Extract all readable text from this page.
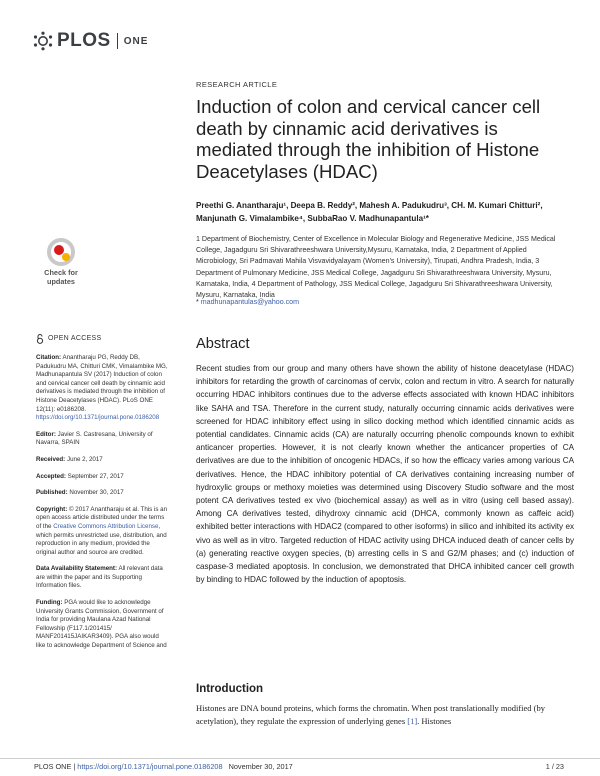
PLOS ONE
Check for
updates
RESEARCH ARTICLE
Induction of colon and cervical cancer cell death by cinnamic acid derivatives is mediated through the inhibition of Histone Deacetylases (HDAC)
Preethi G. Anantharaju¹, Deepa B. Reddy², Mahesh A. Padukudru³, CH. M. Kumari Chitturi², Manjunath G. Vimalambike⁴, SubbaRao V. Madhunapantula¹*
1 Department of Biochemistry, Center of Excellence in Molecular Biology and Regenerative Medicine, JSS Medical College, Jagadguru Sri Shivarathreeshwara University,Mysuru, Karnataka, India, 2 Department of Applied Microbiology, Sri Padmavati Mahila Visvavidyalayam (Women's University), Tirupati, Andhra Pradesh, India, 3 Department of Pulmonary Medicine, JSS Medical College, Jagadguru Sri Shivarathreeshwara University, Mysuru, Karnataka, India, 4 Department of Pathology, JSS Medical College, Jagadguru Sri Shivarathreeshwara University, Mysuru, Karnataka, India
* madhunapantulas@yahoo.com
OPEN ACCESS
Citation: Anantharaju PG, Reddy DB, Padukudru MA, Chitturi CMK, Vimalambike MG, Madhunapantula SV (2017) Induction of colon and cervical cancer cell death by cinnamic acid derivatives is mediated through the inhibition of Histone Deacetylases (HDAC). PLoS ONE 12(11): e0186208. https://doi.org/10.1371/journal.pone.0186208
Editor: Javier S. Castresana, University of Navarra, SPAIN
Received: June 2, 2017
Accepted: September 27, 2017
Published: November 30, 2017
Copyright: © 2017 Anantharaju et al. This is an open access article distributed under the terms of the Creative Commons Attribution License, which permits unrestricted use, distribution, and reproduction in any medium, provided the original author and source are credited.
Data Availability Statement: All relevant data are within the paper and its Supporting Information files.
Funding: PGA would like to acknowledge University Grants Commission, Government of India for providing Maulana Azad National Fellowship (F117.1/201415/ MANF201415JAIKAR3409). PGA also would like to acknowledge Department of Science and
Abstract
Recent studies from our group and many others have shown the ability of histone deacetylase (HDAC) inhibitors for retarding the growth of carcinomas of cervix, colon and rectum in vitro. A search for naturally occurring HDAC inhibitors continues due to the adverse effects associated with known HDAC inhibitors like SAHA and TSA. Therefore in the current study, naturally occurring cinnamic acids derivatives were screened for HDAC inhibitory effect using in silico docking method which identified cinnamic acids as potential candidates. Cinnamic acids (CA) are naturally occurring phenolic compounds known to exhibit anticancer properties. However, it is not clearly known whether the anticancer properties of CA derivatives are due to the inhibition of oncogenic HDACs, if so how the efficacy varies among various CA derivatives. Hence, the HDAC inhibitory potential of CA derivatives containing increasing number of hydroxylic groups or methoxy moieties was determined using Discovery Studio software and the most potent CA derivatives tested ex vivo (biochemical assay) as well as in vitro (using cell based assay). Among CA derivatives tested, dihydroxy cinnamic acid (DHCA, commonly known as caffeic acid) exhibited better interactions with HDAC2 (compared to other isoforms) in silico and inhibited its activity ex vivo as well as in vitro. Targeted reduction of HDAC activity using DHCA induced death of cancer cells by (a) generating reactive oxygen species, (b) arresting cells in S and G2/M phases; and (c) induction of caspase-3 mediated apoptosis. In conclusion, we demonstrated that DHCA inhibited cancer cell growth by binding to HDAC followed by the induction of apoptosis.
Introduction
Histones are DNA bound proteins, which forms the chromatin. When post translationally modified (by acetylation), they regulate the expression of underlying genes [1]. Histones
PLOS ONE | https://doi.org/10.1371/journal.pone.0186208 November 30, 2017	1 / 23
